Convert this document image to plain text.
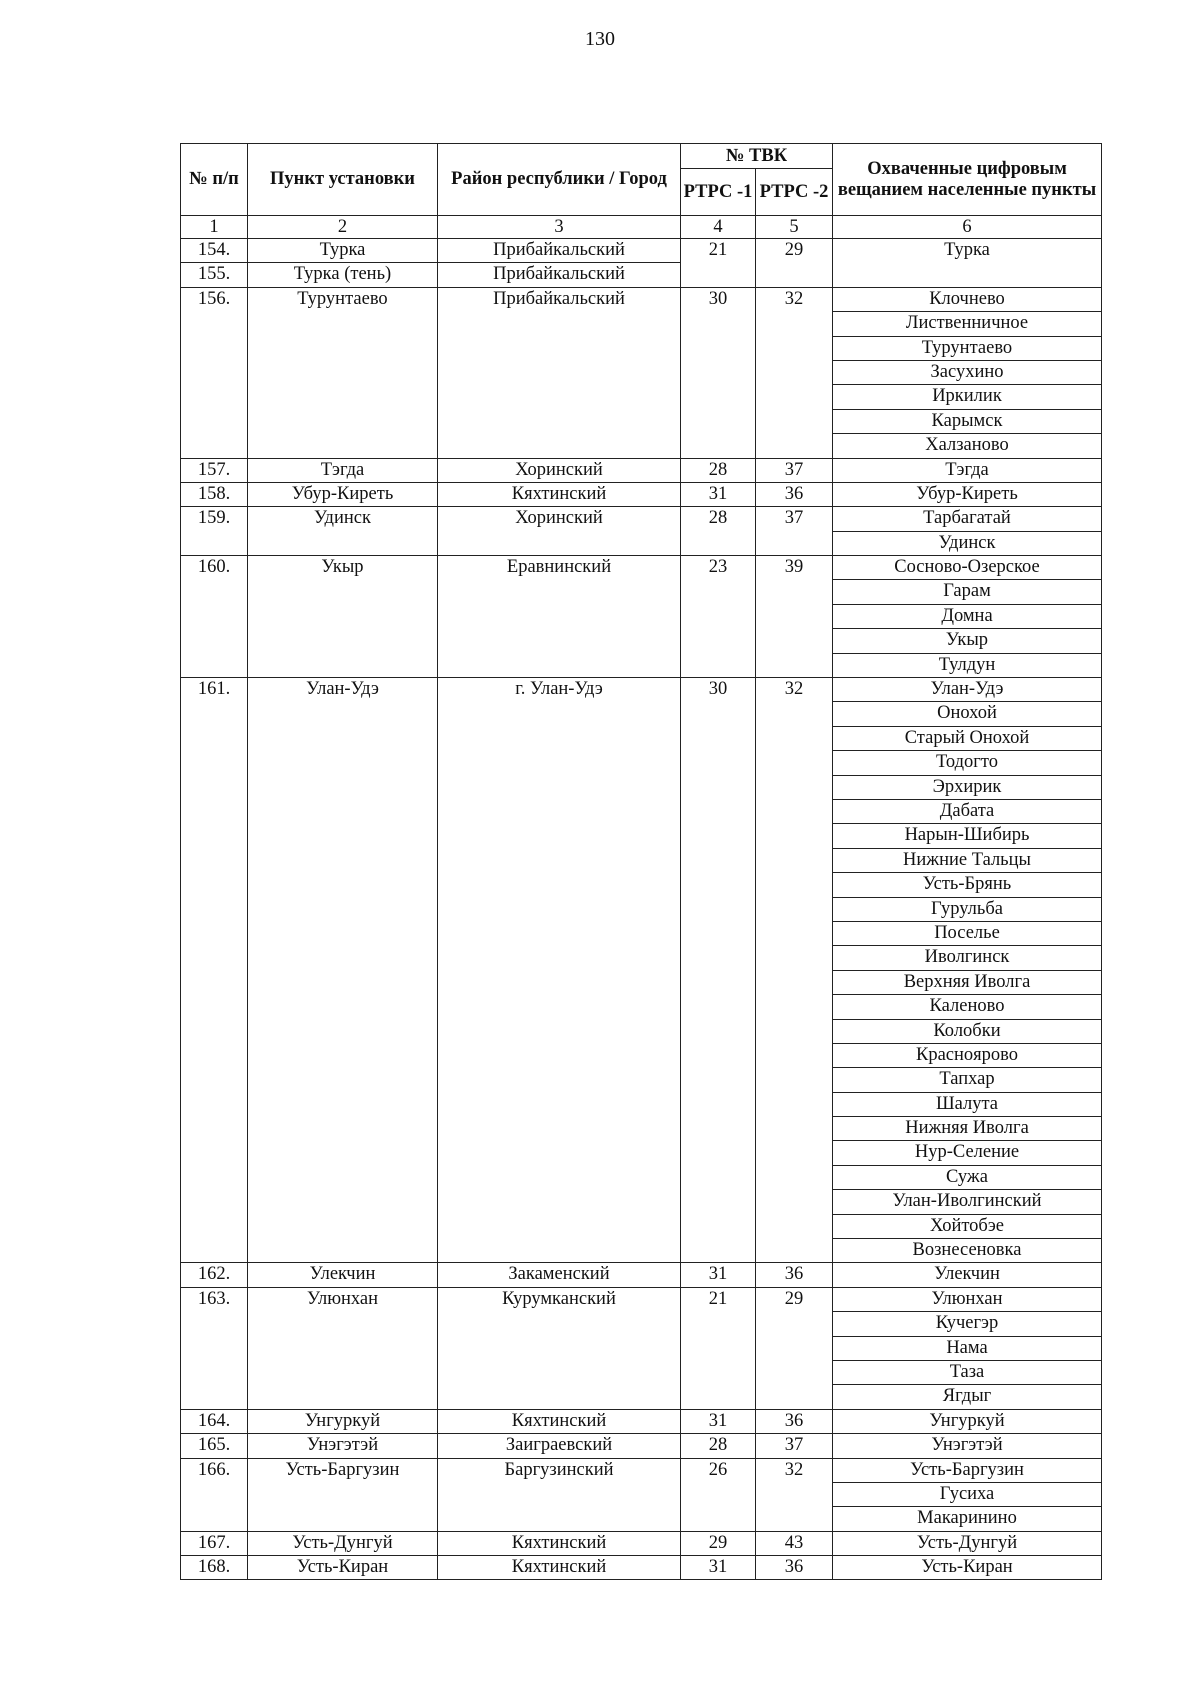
130
№ п/п	Пункт установки	Район республики / Город	№ ТВК		Охваченные цифровым вещанием населенные пункты
			РТРС -1	РТРС -2	
1	2	3	4	5	6
154.	Турка	Прибайкальский	21	29	Турка
155.	Турка (тень)	Прибайкальский			
156.	Турунтаево	Прибайкальский	30	32	Клочнево
					Лиственничное
					Турунтаево
					Засухино
					Иркилик
					Карымск
					Халзаново
157.	Тэгда	Хоринский	28	37	Тэгда
158.	Убур-Киреть	Кяхтинский	31	36	Убур-Киреть
159.	Удинск	Хоринский	28	37	Тарбагатай
					Удинск
160.	Укыр	Еравнинский	23	39	Сосново-Озерское
					Гарам
					Домна
					Укыр
					Тулдун
161.	Улан-Удэ	г. Улан-Удэ	30	32	Улан-Удэ
					Онохой
					Старый Онохой
					Тодогто
					Эрхирик
					Дабата
					Нарын-Шибирь
					Нижние Тальцы
					Усть-Брянь
					Гурульба
					Поселье
					Иволгинск
					Верхняя Иволга
					Каленово
					Колобки
					Краснoярово
					Тапхар
					Шалута
					Нижняя Иволга
					Нур-Селение
					Сужа
					Улан-Иволгинский
					Хойтобэе
					Вознесеновка
162.	Улекчин	Закаменский	31	36	Улекчин
163.	Улюнхан	Курумканский	21	29	Улюнхан
					Кучегэр
					Нама
					Таза
					Ягдыг
164.	Унгуркуй	Кяхтинский	31	36	Унгуркуй
165.	Унэгэтэй	Заиграевский	28	37	Унэгэтэй
166.	Усть-Баргузин	Баргузинский	26	32	Усть-Баргузин
					Гусиха
					Макаринино
167.	Усть-Дунгуй	Кяхтинский	29	43	Усть-Дунгуй
168.	Усть-Киран	Кяхтинский	31	36	Усть-Киран
